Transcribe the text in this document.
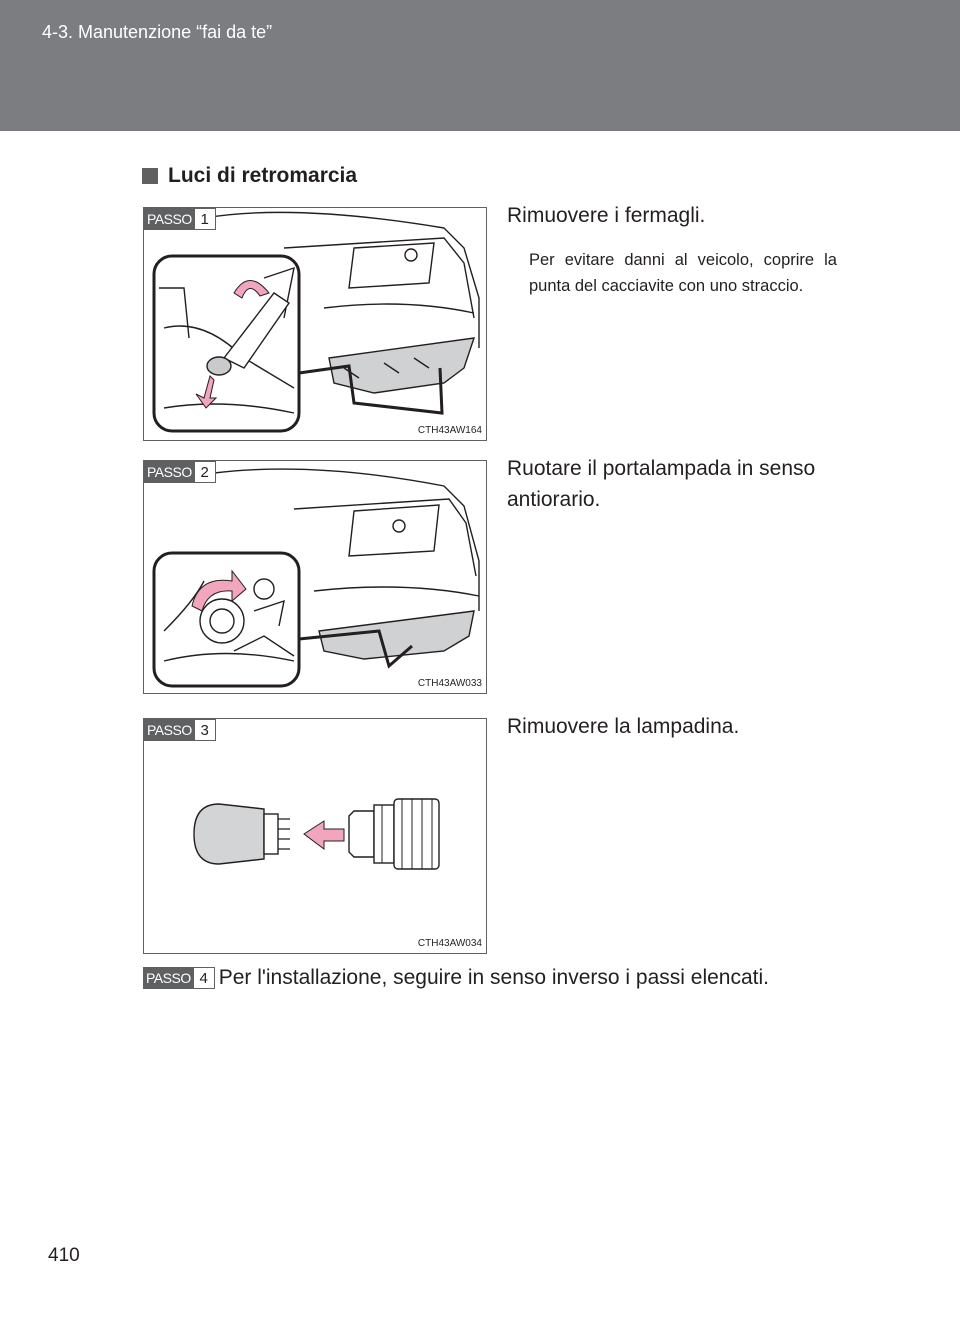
4-3. Manutenzione “fai da te”
Luci di retromarcia
PASSO 1
CTH43AW164
Rimuovere i fermagli.
Per evitare danni al veicolo, coprire la punta del cacciavite con uno straccio.
PASSO 2
CTH43AW033
Ruotare il portalampada in senso antiorario.
PASSO 3
CTH43AW034
Rimuovere la lampadina.
PASSO 4 Per l'installazione, seguire in senso inverso i passi elencati.
410
